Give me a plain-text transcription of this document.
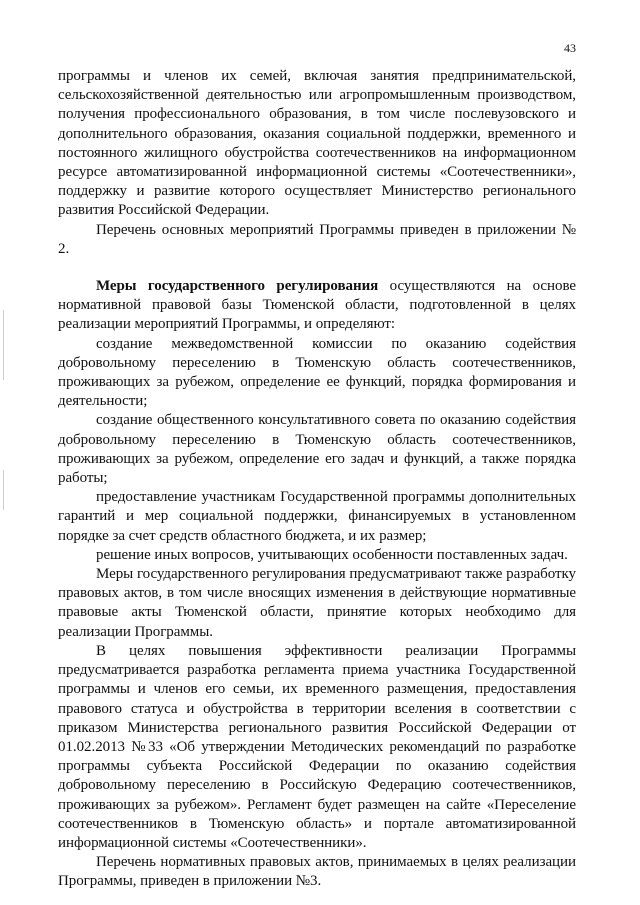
43

программы и членов их семей, включая занятия предпринимательской, сельскохозяйственной деятельностью или агропромышленным производством, получения профессионального образования, в том числе послевузовского и дополнительного образования, оказания социальной поддержки, временного и постоянного жилищного обустройства соотечественников на информационном ресурсе автоматизированной информационной системы «Соотечественники», поддержку и развитие которого осуществляет Министерство регионального развития Российской Федерации.

Перечень основных мероприятий Программы приведен в приложении № 2.

Меры государственного регулирования осуществляются на основе нормативной правовой базы Тюменской области, подготовленной в целях реализации мероприятий Программы, и определяют:

создание межведомственной комиссии по оказанию содействия добровольному переселению в Тюменскую область соотечественников, проживающих за рубежом, определение ее функций, порядка формирования и деятельности;

создание общественного консультативного совета по оказанию содействия добровольному переселению в Тюменскую область соотечественников, проживающих за рубежом, определение его задач и функций, а также порядка работы;

предоставление участникам Государственной программы дополнительных гарантий и мер социальной поддержки, финансируемых в установленном порядке за счет средств областного бюджета, и их размер;

решение иных вопросов, учитывающих особенности поставленных задач.

Меры государственного регулирования предусматривают также разработку правовых актов, в том числе вносящих изменения в действующие нормативные правовые акты Тюменской области, принятие которых необходимо для реализации Программы.

В целях повышения эффективности реализации Программы предусматривается разработка регламента приема участника Государственной программы и членов его семьи, их временного размещения, предоставления правового статуса и обустройства в территории вселения в соответствии с приказом Министерства регионального развития Российской Федерации от 01.02.2013 №33 «Об утверждении Методических рекомендаций по разработке программы субъекта Российской Федерации по оказанию содействия добровольному переселению в Российскую Федерацию соотечественников, проживающих за рубежом». Регламент будет размещен на сайте «Переселение соотечественников в Тюменскую область» и портале автоматизированной информационной системы «Соотечественники».

Перечень нормативных правовых актов, принимаемых в целях реализации Программы, приведен в приложении №3.
